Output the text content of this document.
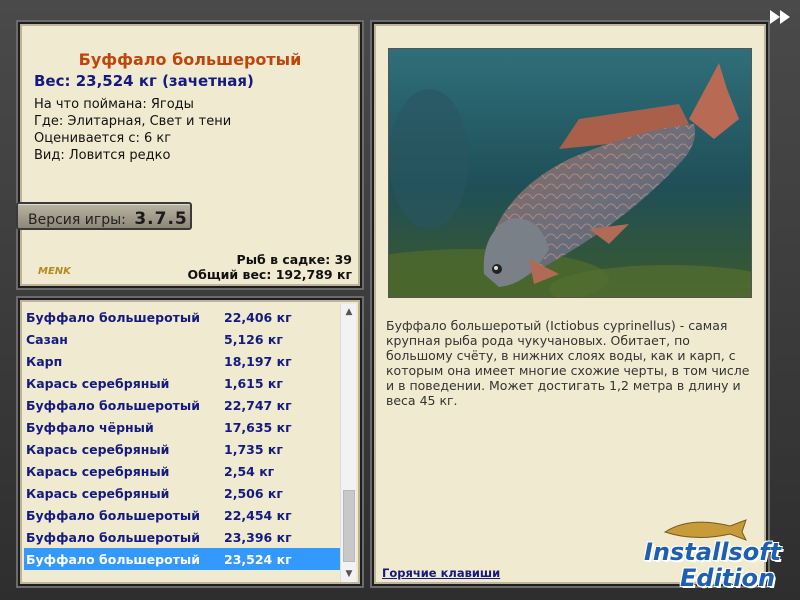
Буффало большеротый
Вес: 23,524 кг (зачетная)
На что поймана: Ягоды
Где: Элитарная, Свет и тени
Оценивается с: 6 кг
Вид: Ловится редко
Версия игры: 3.7.5
MENK
Рыб в садке: 39
Общий вес: 192,789 кг
Буффало большеротый	22,406 кг
Сазан	5,126 кг
Карп	18,197 кг
Карась серебряный	1,615 кг
Буффало большеротый	22,747 кг
Буффало чёрный	17,635 кг
Карась серебряный	1,735 кг
Карась серебряный	2,54 кг
Карась серебряный	2,506 кг
Буффало большеротый	22,454 кг
Буффало большеротый	23,396 кг
Буффало большеротый	23,524 кг
▲
▼
Буффало большеротый (Ictiobus cyprinellus) - самая крупная рыба рода чукучановых. Обитает, по большому счёту, в нижних слоях воды, как и карп, с которым она имеет многие схожие черты, в том числе и в поведении. Может достигать 1,2 метра в длину и веса 45 кг.
Горячие клавиши
Installsoft
Edition
